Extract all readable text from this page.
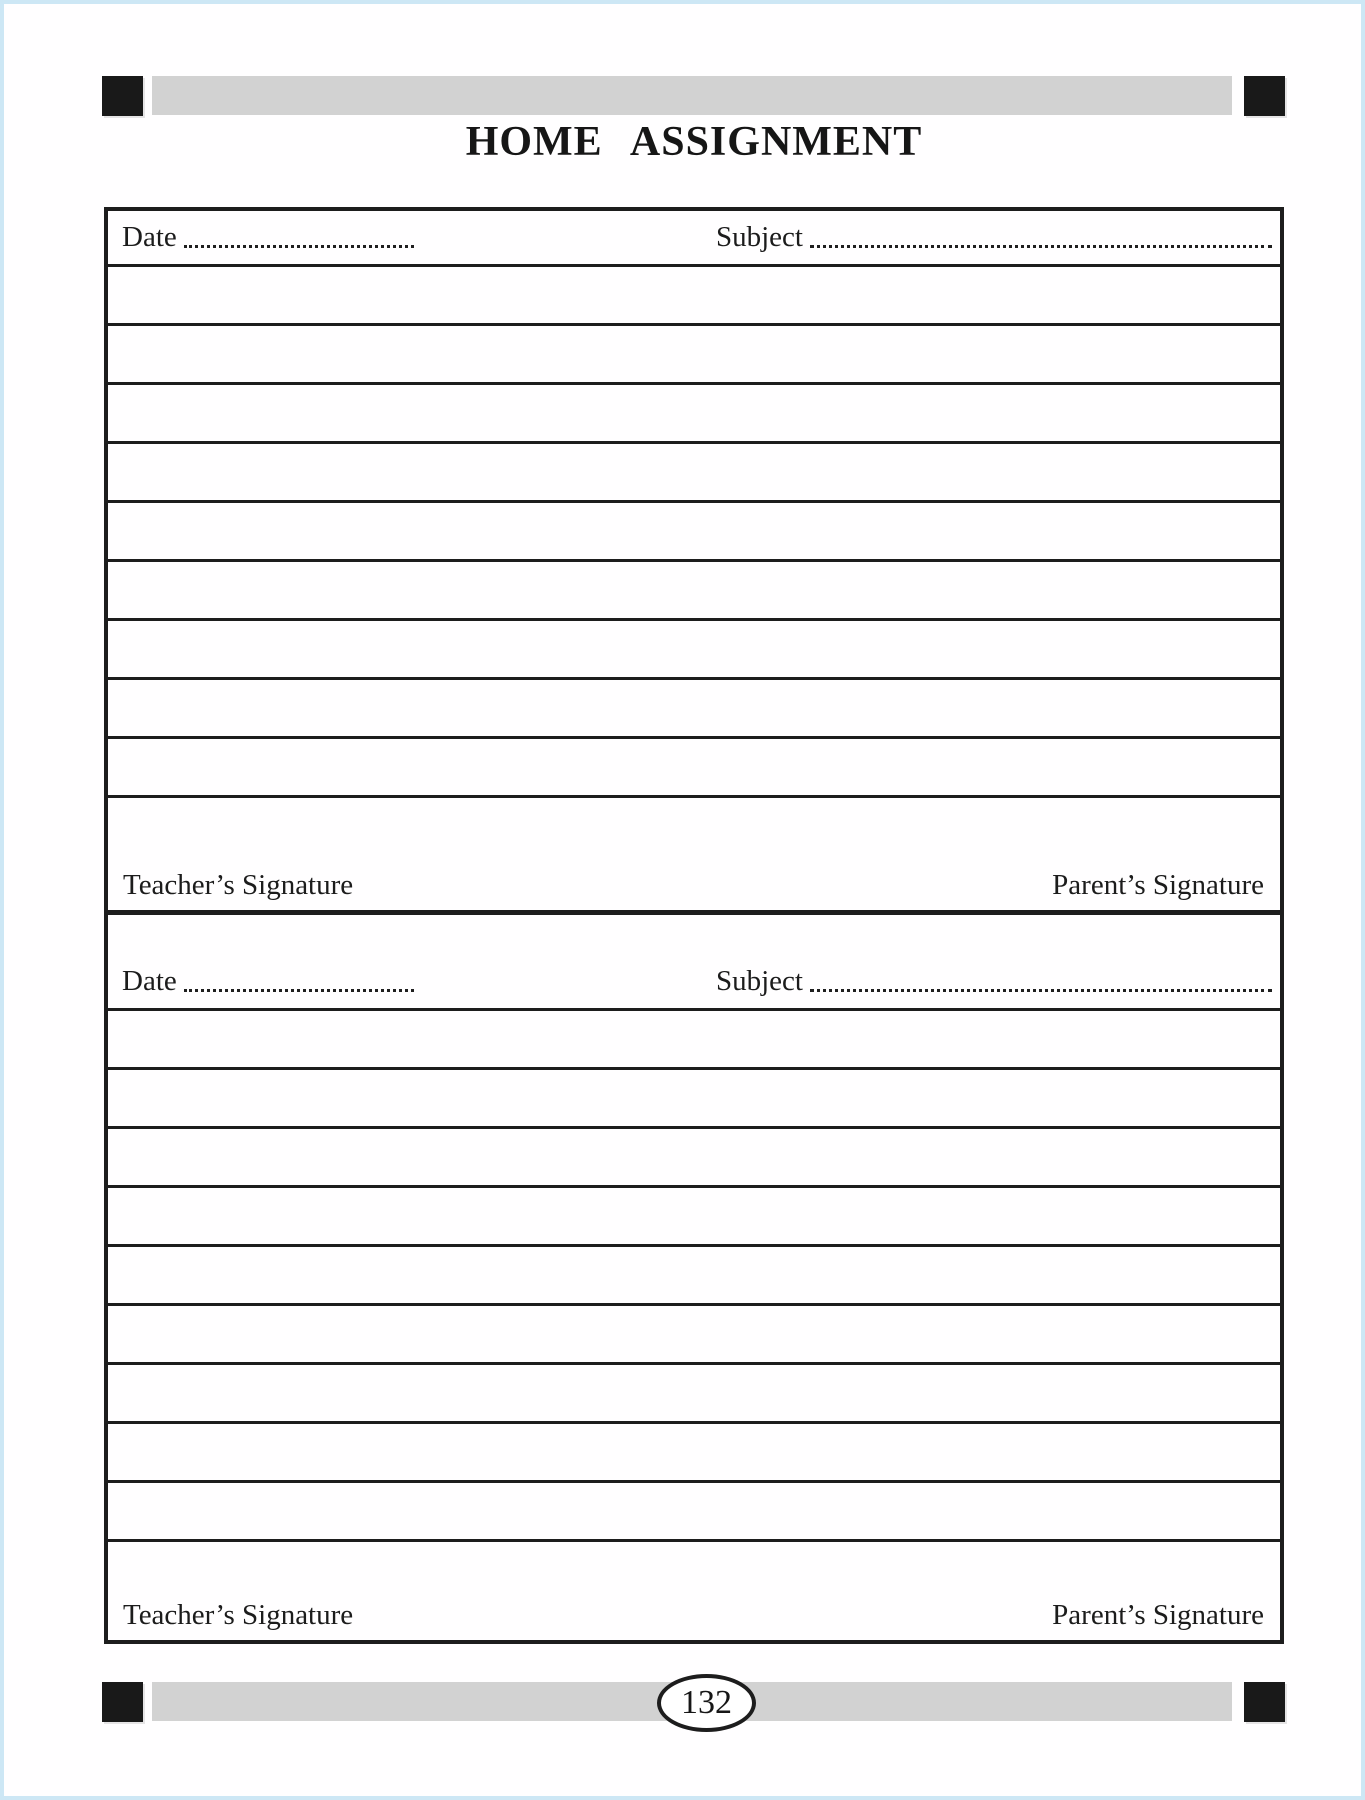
HOME ASSIGNMENT
Date	Subject
Teacher’s Signature	Parent’s Signature
Date	Subject
Teacher’s Signature	Parent’s Signature
132
